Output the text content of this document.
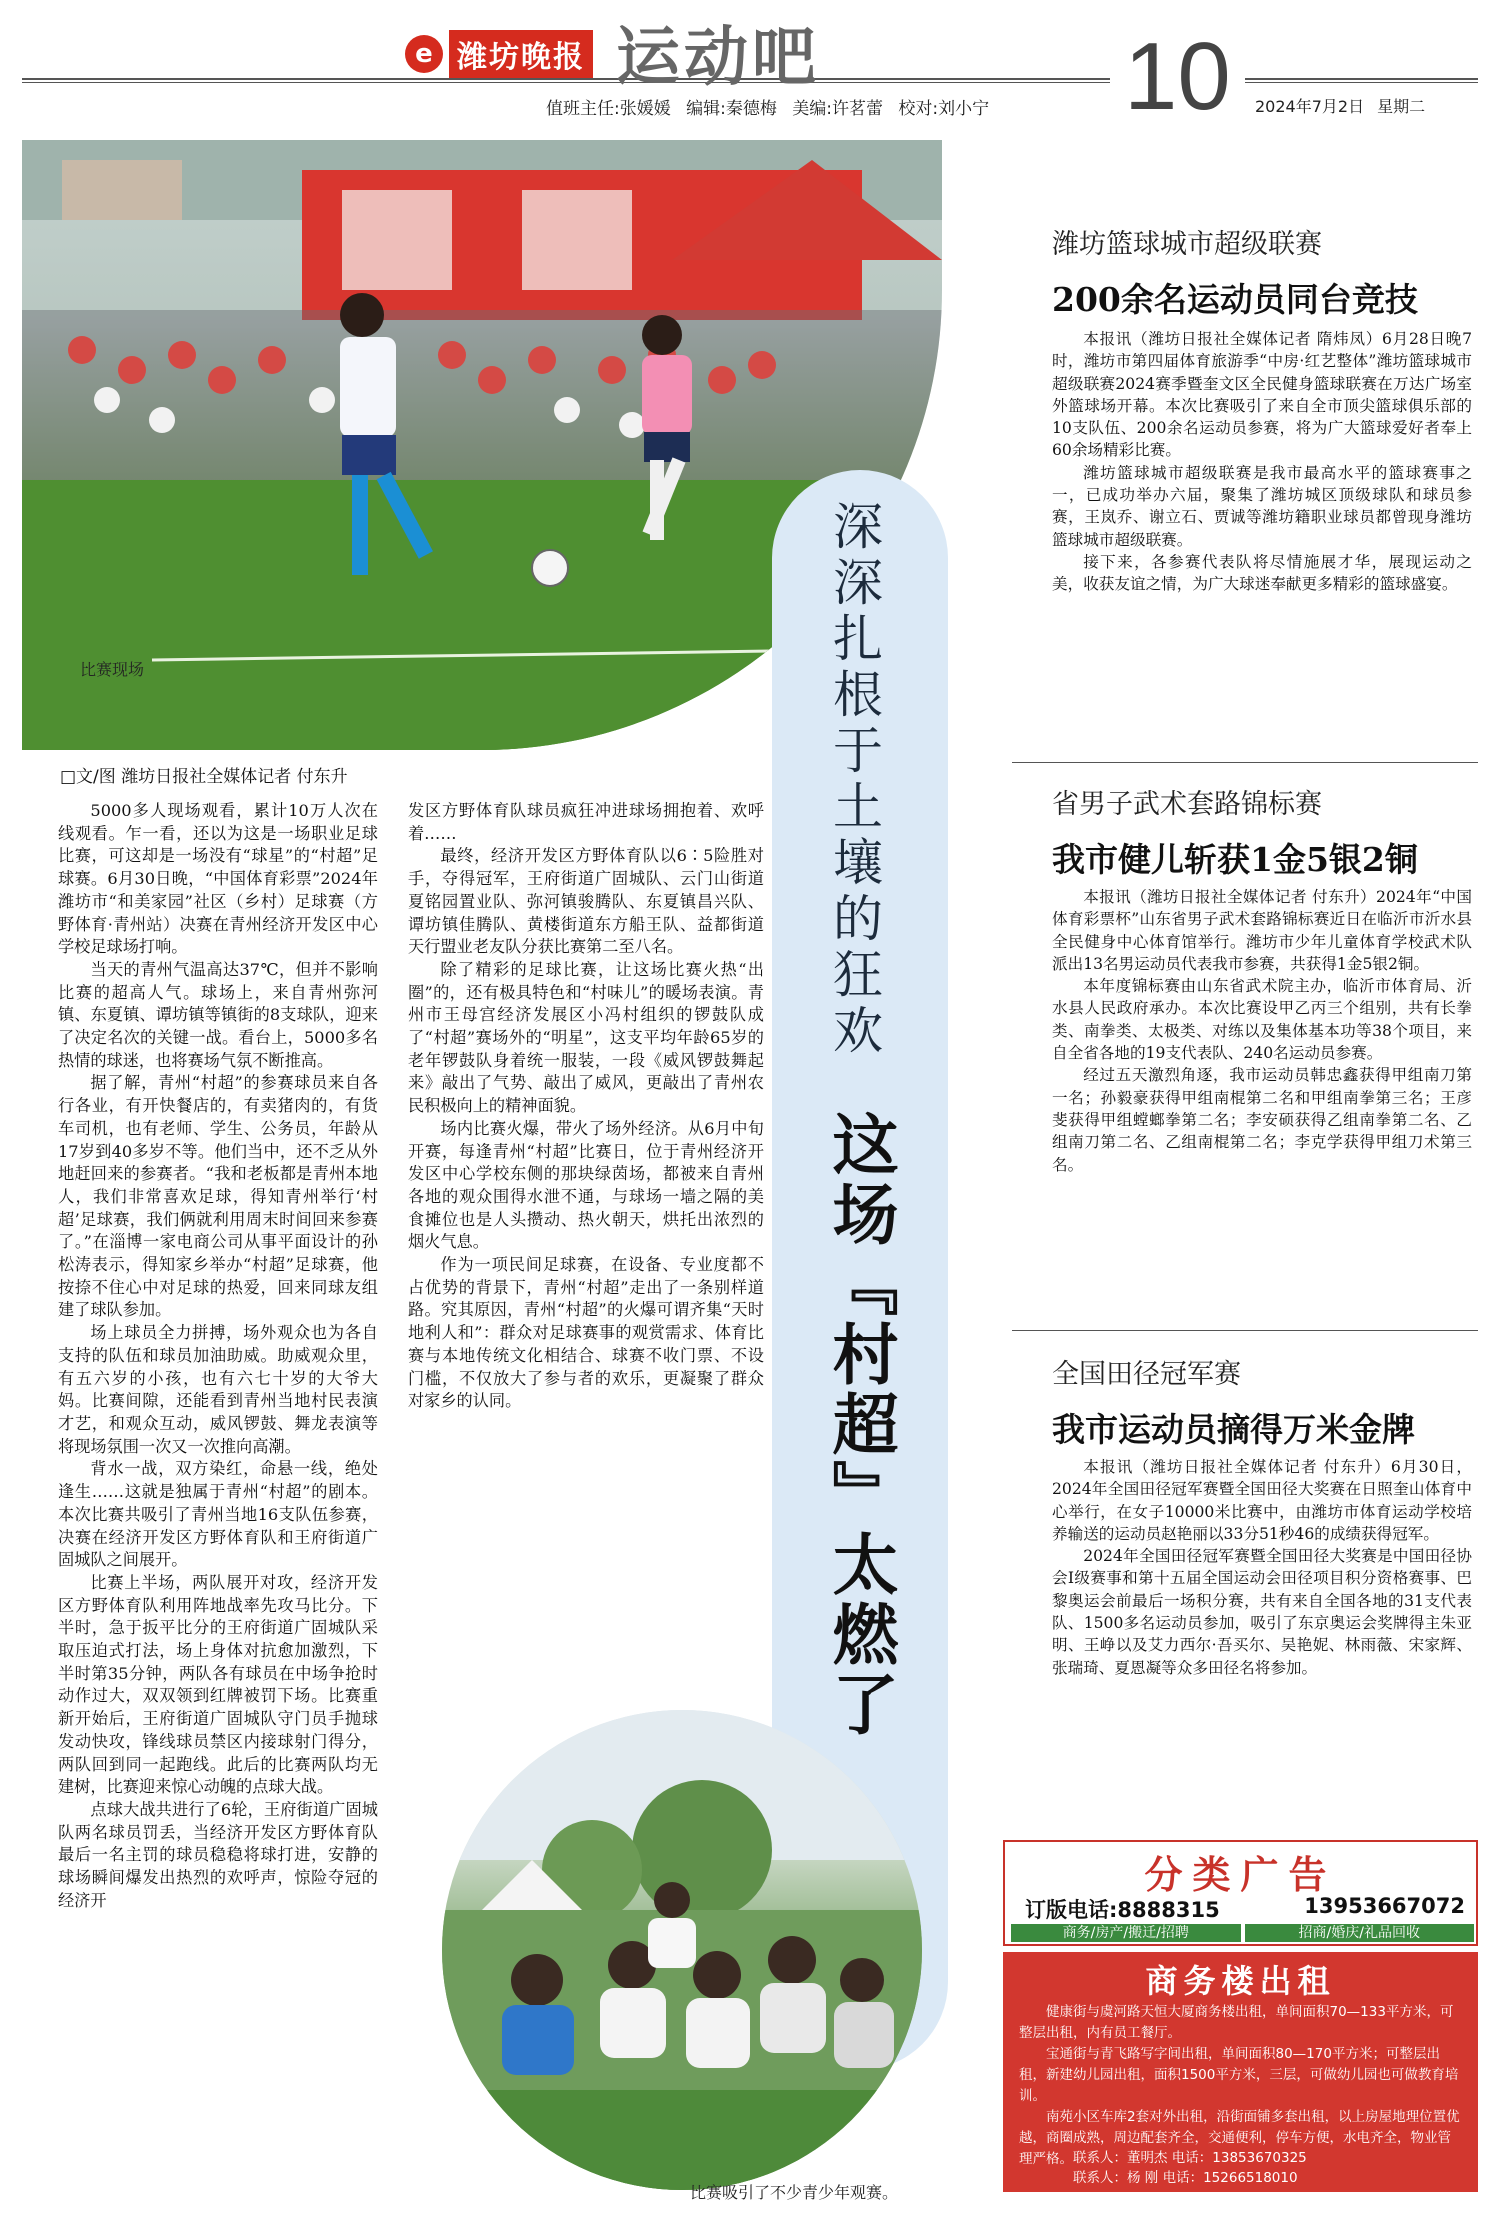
e 潍坊晚报 运动吧
值班主任:张媛媛 编辑:秦德梅 美编:许茗蕾 校对:刘小宁 10	2024年7月2日 星期二
比赛现场	深深扎根于土壤的狂欢
这场『村超』太燃了
□文/图 潍坊日报社全媒体记者 付东升

5000多人现场观看，累计10万人次在线观看。乍一看，还以为这是一场职业足球比赛，可这却是一场没有“球星”的“村超”足球赛。6月30日晚，“中国体育彩票”2024年潍坊市“和美家园”社区（乡村）足球赛（方野体育·青州站）决赛在青州经济开发区中心学校足球场打响。

当天的青州气温高达37℃，但并不影响比赛的超高人气。球场上，来自青州弥河镇、东夏镇、谭坊镇等镇街的8支球队，迎来了决定名次的关键一战。看台上，5000多名热情的球迷，也将赛场气氛不断推高。

据了解，青州“村超”的参赛球员来自各行各业，有开快餐店的，有卖猪肉的，有货车司机，也有老师、学生、公务员，年龄从17岁到40多岁不等。他们当中，还不乏从外地赶回来的参赛者。“我和老板都是青州本地人，我们非常喜欢足球，得知青州举行‘村超’足球赛，我们俩就利用周末时间回来参赛了。”在淄博一家电商公司从事平面设计的孙松涛表示，得知家乡举办“村超”足球赛，他按捺不住心中对足球的热爱，回来同球友组建了球队参加。

场上球员全力拼搏，场外观众也为各自支持的队伍和球员加油助威。助威观众里，有五六岁的小孩，也有六七十岁的大爷大妈。比赛间隙，还能看到青州当地村民表演才艺，和观众互动，威风锣鼓、舞龙表演等将现场氛围一次又一次推向高潮。

背水一战，双方染红，命悬一线，绝处逢生……这就是独属于青州“村超”的剧本。本次比赛共吸引了青州当地16支队伍参赛，决赛在经济开发区方野体育队和王府街道广固城队之间展开。

比赛上半场，两队展开对攻，经济开发区方野体育队利用阵地战率先攻马比分。下半时，急于扳平比分的王府街道广固城队采取压迫式打法，场上身体对抗愈加激烈，下半时第35分钟，两队各有球员在中场争抢时动作过大，双双领到红牌被罚下场。比赛重新开始后，王府街道广固城队守门员手抛球发动快攻，锋线球员禁区内接球射门得分，两队回到同一起跑线。此后的比赛两队均无建树，比赛迎来惊心动魄的点球大战。

点球大战共进行了6轮，王府街道广固城队两名球员罚丢，当经济开发区方野体育队最后一名主罚的球员稳稳将球打进，安静的球场瞬间爆发出热烈的欢呼声，惊险夺冠的经济开

发区方野体育队球员疯狂冲进球场拥抱着、欢呼着……

最终，经济开发区方野体育队以6∶5险胜对手，夺得冠军，王府街道广固城队、云门山街道夏铭园置业队、弥河镇骏腾队、东夏镇昌兴队、谭坊镇佳腾队、黄楼街道东方船王队、益都街道天行盟业老友队分获比赛第二至八名。

除了精彩的足球比赛，让这场比赛火热“出圈”的，还有极具特色和“村味儿”的暖场表演。青州市王母宫经济发展区小冯村组织的锣鼓队成了“村超”赛场外的“明星”，这支平均年龄65岁的老年锣鼓队身着统一服装，一段《威风锣鼓舞起来》敲出了气势、敲出了威风，更敲出了青州农民积极向上的精神面貌。

场内比赛火爆，带火了场外经济。从6月中旬开赛，每逢青州“村超”比赛日，位于青州经济开发区中心学校东侧的那块绿茵场，都被来自青州各地的观众围得水泄不通，与球场一墙之隔的美食摊位也是人头攒动、热火朝天，烘托出浓烈的烟火气息。

作为一项民间足球赛，在设备、专业度都不占优势的背景下，青州“村超”走出了一条别样道路。究其原因，青州“村超”的火爆可谓齐集“天时地利人和”：群众对足球赛事的观赏需求、体育比赛与本地传统文化相结合、球赛不收门票、不设门槛，不仅放大了参与者的欢乐，更凝聚了群众对家乡的认同。

比赛吸引了不少青少年观赛。
潍坊篮球城市超级联赛
200余名运动员同台竞技

本报讯（潍坊日报社全媒体记者 隋炜凤）6月28日晚7时，潍坊市第四届体育旅游季“中房·红艺整体”潍坊篮球城市超级联赛2024赛季暨奎文区全民健身篮球联赛在万达广场室外篮球场开幕。本次比赛吸引了来自全市顶尖篮球俱乐部的10支队伍、200余名运动员参赛，将为广大篮球爱好者奉上60余场精彩比赛。

潍坊篮球城市超级联赛是我市最高水平的篮球赛事之一，已成功举办六届，聚集了潍坊城区顶级球队和球员参赛，王岚乔、谢立石、贾诚等潍坊籍职业球员都曾现身潍坊篮球城市超级联赛。

接下来，各参赛代表队将尽情施展才华，展现运动之美，收获友谊之情，为广大球迷奉献更多精彩的篮球盛宴。

省男子武术套路锦标赛
我市健儿斩获1金5银2铜

本报讯（潍坊日报社全媒体记者 付东升）2024年“中国体育彩票杯”山东省男子武术套路锦标赛近日在临沂市沂水县全民健身中心体育馆举行。潍坊市少年儿童体育学校武术队派出13名男运动员代表我市参赛，共获得1金5银2铜。

本年度锦标赛由山东省武术院主办，临沂市体育局、沂水县人民政府承办。本次比赛设甲乙丙三个组别，共有长拳类、南拳类、太极类、对练以及集体基本功等38个项目，来自全省各地的19支代表队、240名运动员参赛。

经过五天激烈角逐，我市运动员韩忠鑫获得甲组南刀第一名；孙毅豪获得甲组南棍第二名和甲组南拳第三名；王彦斐获得甲组螳螂拳第二名；李安硕获得乙组南拳第二名、乙组南刀第二名、乙组南棍第二名；李克学获得甲组刀术第三名。

全国田径冠军赛
我市运动员摘得万米金牌

本报讯（潍坊日报社全媒体记者 付东升）6月30日，2024年全国田径冠军赛暨全国田径大奖赛在日照奎山体育中心举行，在女子10000米比赛中，由潍坊市体育运动学校培养输送的运动员赵艳丽以33分51秒46的成绩获得冠军。

2024年全国田径冠军赛暨全国田径大奖赛是中国田径协会I级赛事和第十五届全国运动会田径项目积分资格赛事、巴黎奥运会前最后一场积分赛，共有来自全国各地的31支代表队、1500多名运动员参加，吸引了东京奥运会奖牌得主朱亚明、王峥以及艾力西尔·吾买尔、吴艳妮、林雨薇、宋家辉、张瑞琦、夏恩凝等众多田径名将参加。

分类广告
订版电话:8888315	13953667072
商务/房产/搬迁/招聘	招商/婚庆/礼品回收
商务楼出租

健康街与虞河路天恒大厦商务楼出租，单间面积70—133平方米，可整层出租，内有员工餐厅。

宝通街与青飞路写字间出租，单间面积80—170平方米；可整层出租，新建幼儿园出租，面积1500平方米，三层，可做幼儿园也可做教育培训。

南苑小区车库2套对外出租，沿街面铺多套出租，以上房屋地理位置优越，商圈成熟，周边配套齐全，交通便利，停车方便，水电齐全，物业管理严格。 联系人：董明杰 电话：13853670325
联系人：杨 刚 电话：15266518010
